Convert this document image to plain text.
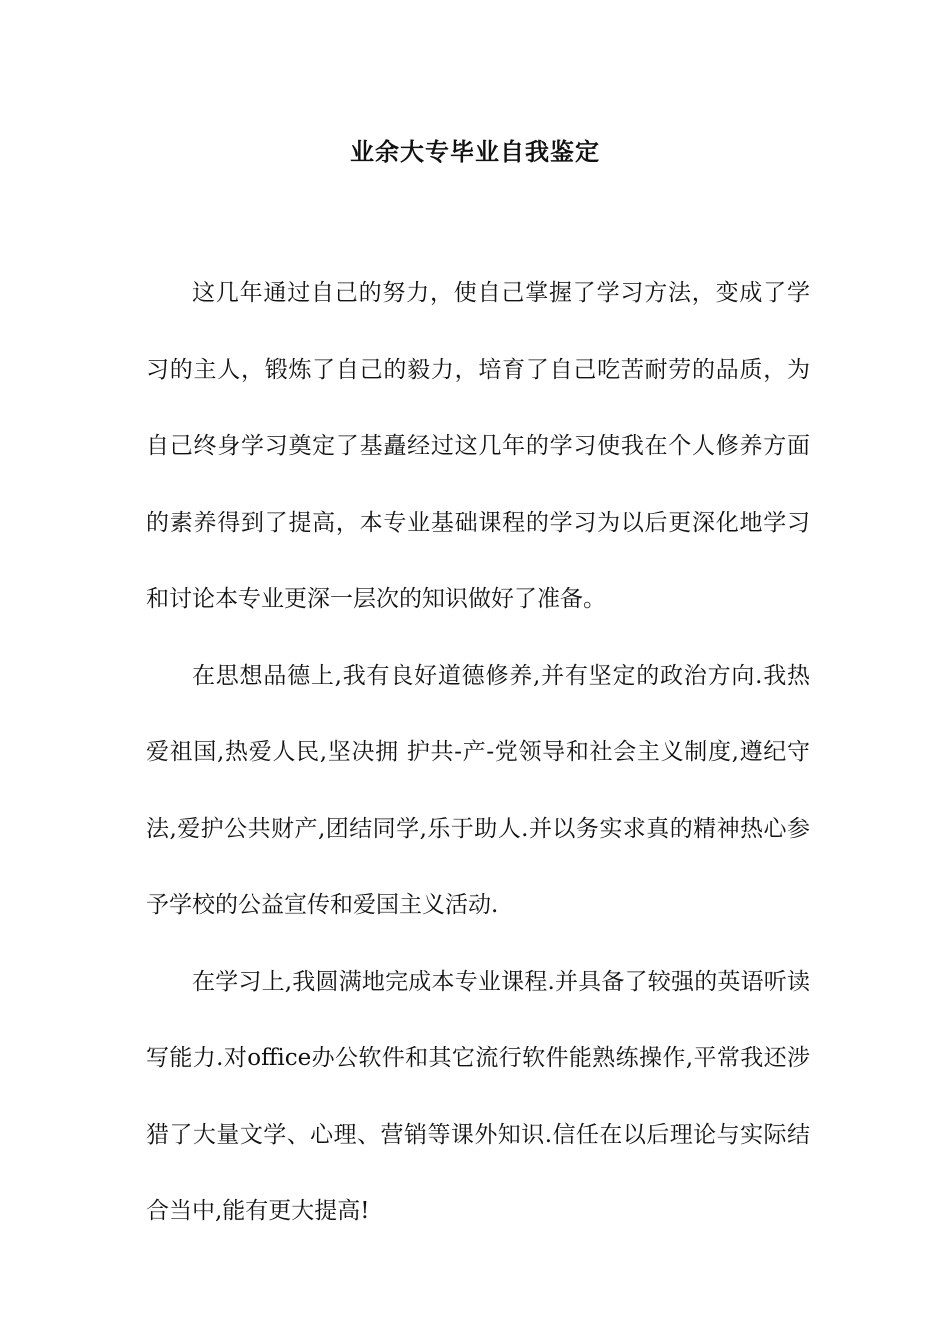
业余大专毕业自我鉴定

这几年通过自己的努力，使自己掌握了学习方法，变成了学习的主人，锻炼了自己的毅力，培育了自己吃苦耐劳的品质，为自己终身学习奠定了基矗经过这几年的学习使我在个人修养方面的素养得到了提高，本专业基础课程的学习为以后更深化地学习和讨论本专业更深一层次的知识做好了准备。

在思想品德上,我有良好道德修养,并有坚定的政治方向.我热爱祖国,热爱人民,坚决拥 护共-产-党领导和社会主义制度,遵纪守法,爱护公共财产,团结同学,乐于助人.并以务实求真的精神热心参予学校的公益宣传和爱国主义活动.

在学习上,我圆满地完成本专业课程.并具备了较强的英语听读写能力.对office办公软件和其它流行软件能熟练操作,平常我还涉猎了大量文学、心理、营销等课外知识.信任在以后理论与实际结合当中,能有更大提高!
